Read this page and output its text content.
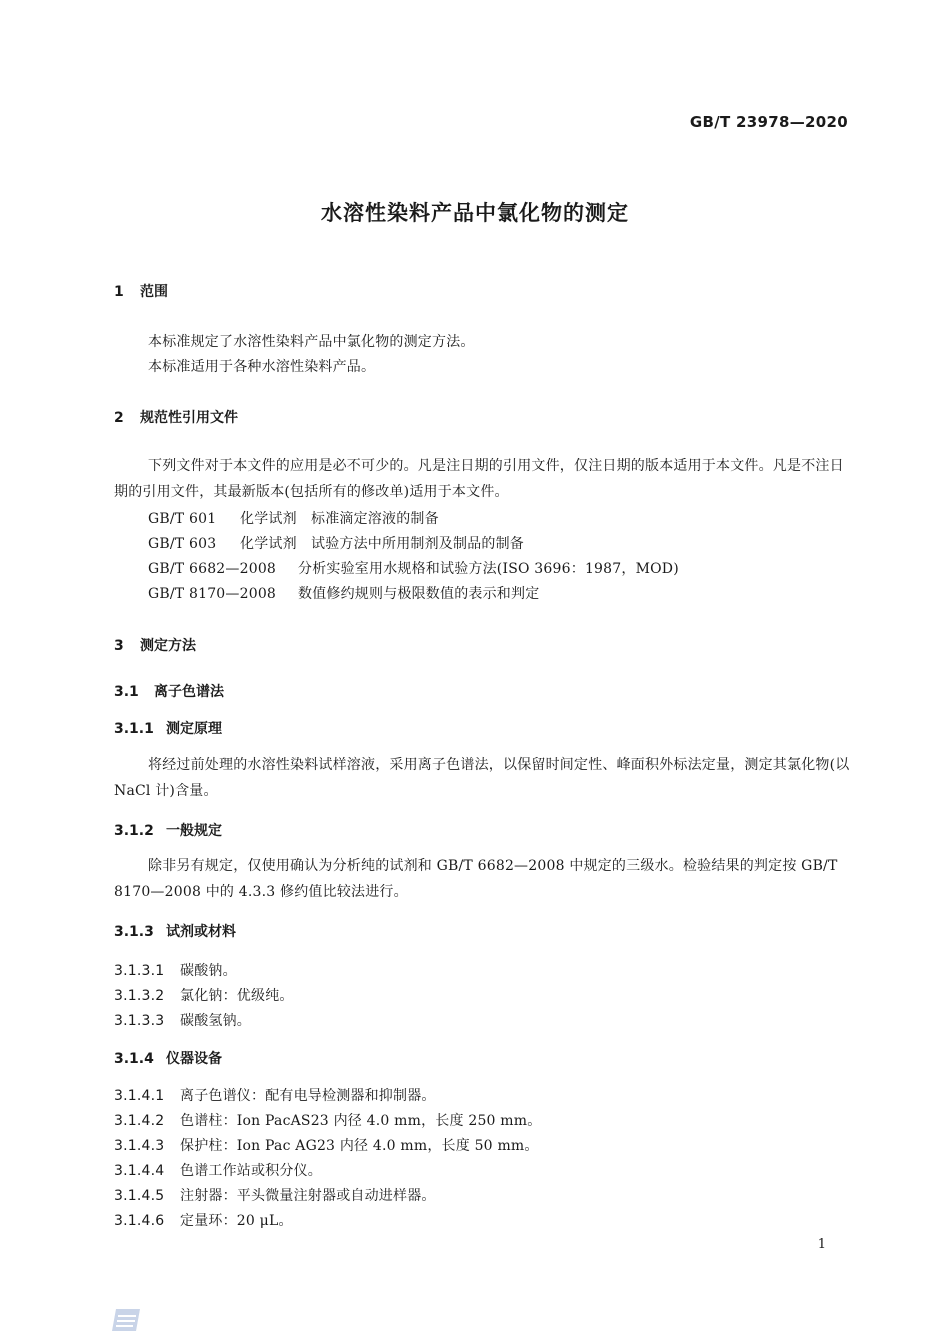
GB/T 23978—2020
水溶性染料产品中氯化物的测定
1 范围
本标准规定了水溶性染料产品中氯化物的测定方法。
本标准适用于各种水溶性染料产品。
2 规范性引用文件
下列文件对于本文件的应用是必不可少的。凡是注日期的引用文件，仅注日期的版本适用于本文件。凡是不注日期的引用文件，其最新版本(包括所有的修改单)适用于本文件。
GB/T 601 化学试剂　标准滴定溶液的制备
GB/T 603 化学试剂　试验方法中所用制剂及制品的制备
GB/T 6682—2008 分析实验室用水规格和试验方法(ISO 3696：1987，MOD)
GB/T 8170—2008 数值修约规则与极限数值的表示和判定
3 测定方法
3.1 离子色谱法
3.1.1 测定原理
将经过前处理的水溶性染料试样溶液，采用离子色谱法，以保留时间定性、峰面积外标法定量，测定其氯化物(以 NaCl 计)含量。
3.1.2 一般规定
除非另有规定，仅使用确认为分析纯的试剂和 GB/T 6682—2008 中规定的三级水。检验结果的判定按 GB/T 8170—2008 中的 4.3.3 修约值比较法进行。
3.1.3 试剂或材料
3.1.3.1 碳酸钠。
3.1.3.2 氯化钠：优级纯。
3.1.3.3 碳酸氢钠。
3.1.4 仪器设备
3.1.4.1 离子色谱仪：配有电导检测器和抑制器。
3.1.4.2 色谱柱：Ion PacAS23 内径 4.0 mm，长度 250 mm。
3.1.4.3 保护柱：Ion Pac AG23 内径 4.0 mm，长度 50 mm。
3.1.4.4 色谱工作站或积分仪。
3.1.4.5 注射器：平头微量注射器或自动进样器。
3.1.4.6 定量环：20 μL。
1
